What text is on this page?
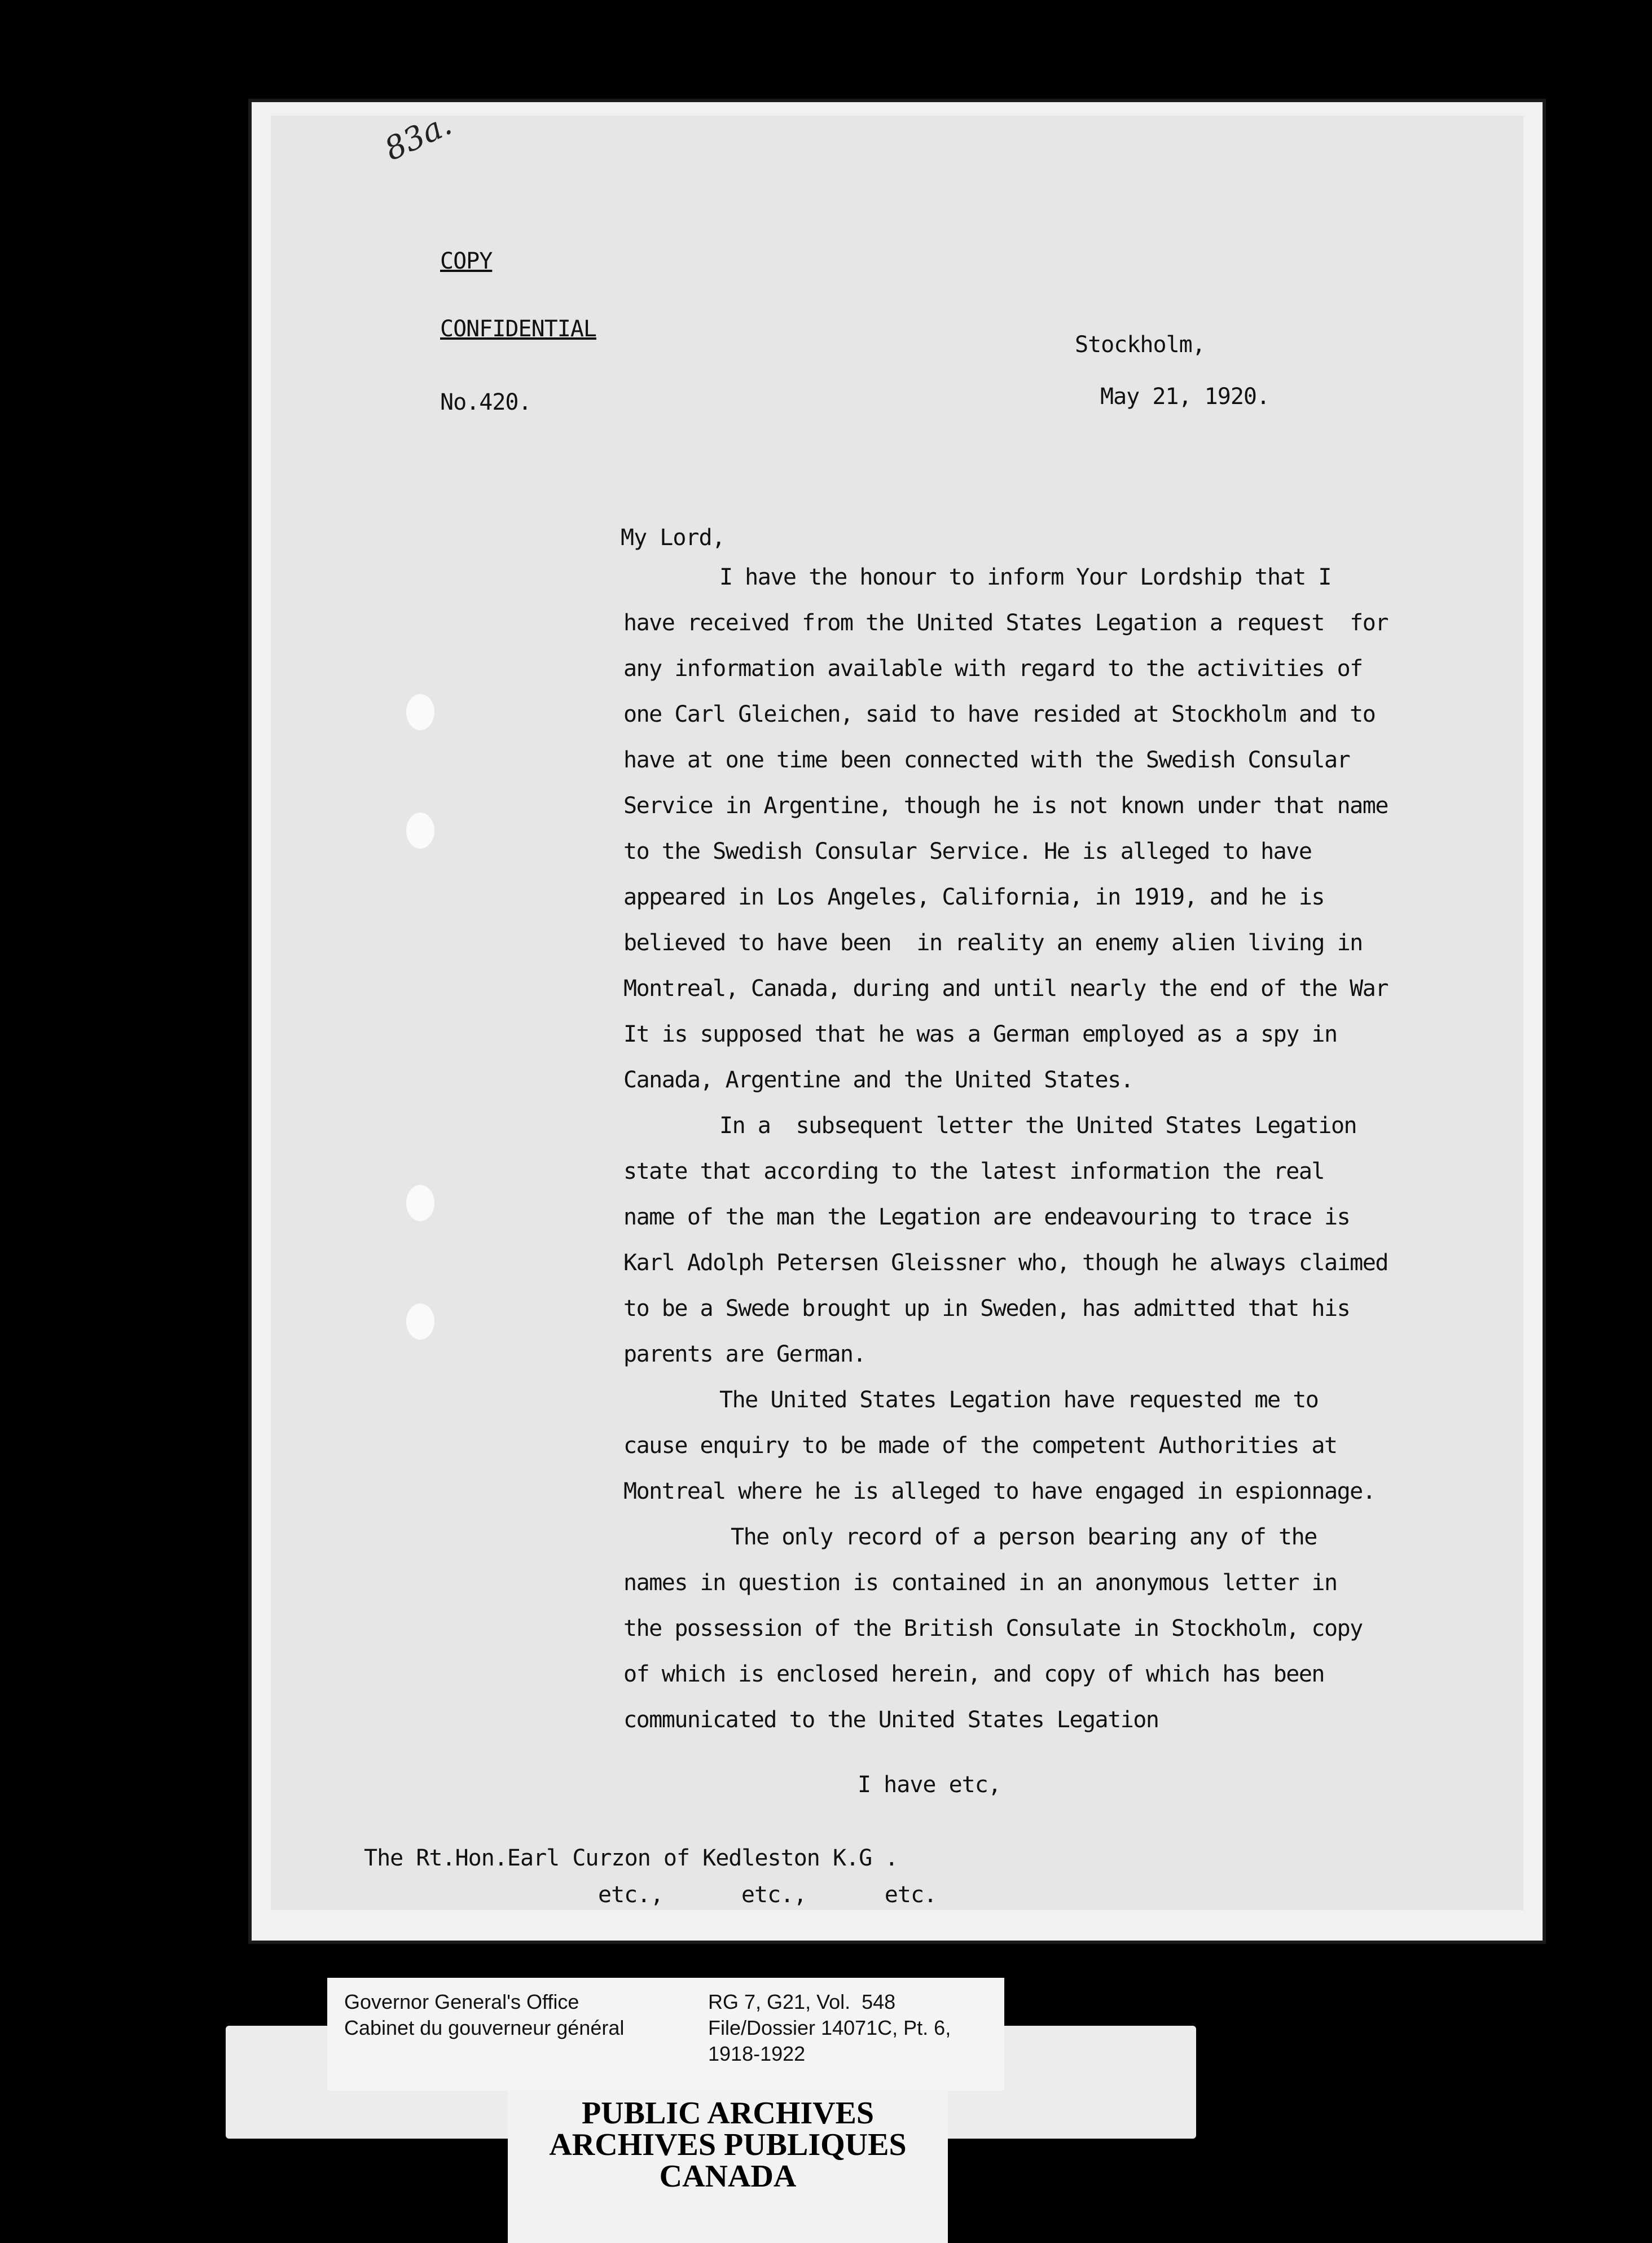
83a.
COPY
CONFIDENTIAL
No.420.
Stockholm,
May 21, 1920.
My Lord,
I have the honour to inform Your Lordship that I
have received from the United States Legation a request  for
any information available with regard to the activities of
one Carl Gleichen, said to have resided at Stockholm and to
have at one time been connected with the Swedish Consular
Service in Argentine, though he is not known under that name
to the Swedish Consular Service. He is alleged to have
appeared in Los Angeles, California, in 1919, and he is
believed to have been  in reality an enemy alien living in
Montreal, Canada, during and until nearly the end of the War
It is supposed that he was a German employed as a spy in
Canada, Argentine and the United States.
In a  subsequent letter the United States Legation
state that according to the latest information the real
name of the man the Legation are endeavouring to trace is
Karl Adolph Petersen Gleissner who, though he always claimed
to be a Swede brought up in Sweden, has admitted that his
parents are German.
The United States Legation have requested me to
cause enquiry to be made of the competent Authorities at
Montreal where he is alleged to have engaged in espionnage.
The only record of a person bearing any of the
names in question is contained in an anonymous letter in
the possession of the British Consulate in Stockholm, copy
of which is enclosed herein, and copy of which has been
communicated to the United States Legation
I have etc,
The Rt.Hon.Earl Curzon of Kedleston K.G .
etc.,      etc.,      etc.
Governor General's Office
Cabinet du gouverneur général
RG 7, G21, Vol.  548
File/Dossier 14071C, Pt. 6,
1918-1922
PUBLIC ARCHIVES
ARCHIVES PUBLIQUES
CANADA
